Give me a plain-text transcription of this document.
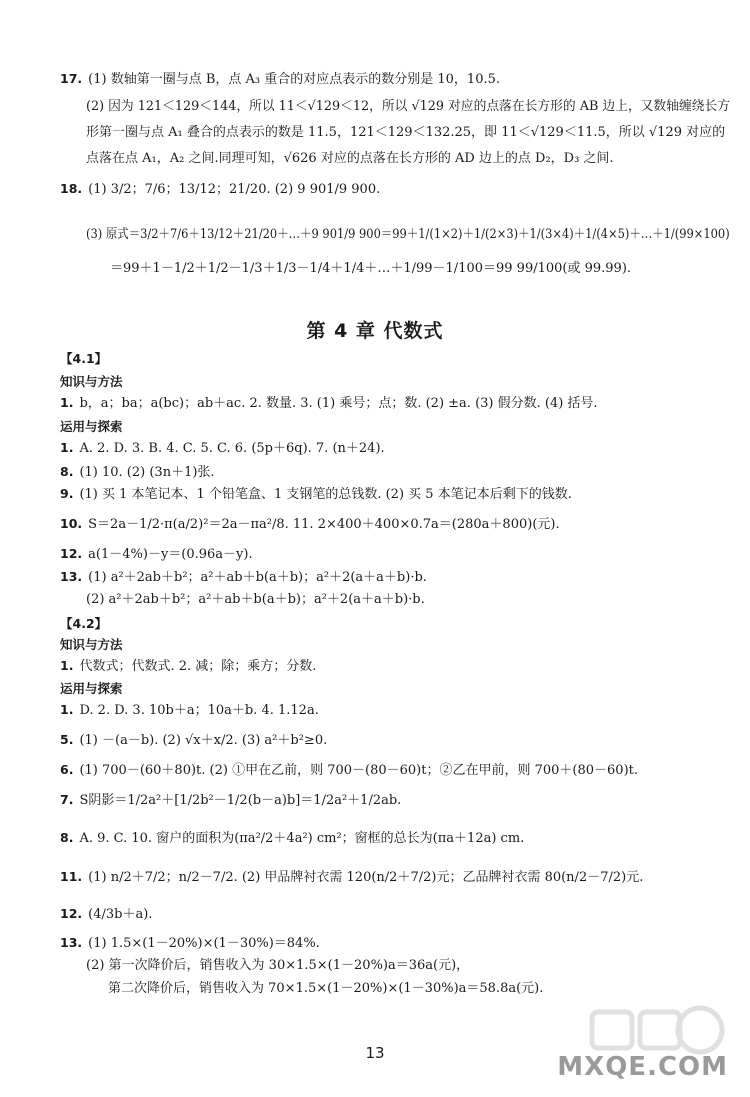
17. (1) 数轴第一圈与点 B，点 A₃ 重合的对应点表示的数分别是 10，10.5.
(2) 因为 121＜129＜144，所以 11＜√129＜12，所以 √129 对应的点落在长方形的 AB 边上，又数轴缠绕长方
形第一圈与点 A₁ 叠合的点表示的数是 11.5，121＜129＜132.25，即 11＜√129＜11.5，所以 √129 对应的
点落在点 A₁，A₂ 之间.同理可知，√626 对应的点落在长方形的 AD 边上的点 D₂，D₃ 之间.
18. (1) 3/2；7/6；13/12；21/20. (2) 9 901/9 900.
(3) 原式＝3/2＋7/6＋13/12＋21/20＋…＋9 901/9 900＝99＋1/(1×2)＋1/(2×3)＋1/(3×4)＋1/(4×5)＋…＋1/(99×100)
＝99＋1－1/2＋1/2－1/3＋1/3－1/4＋1/4＋…＋1/99－1/100＝99 99/100(或 99.99).
【4.1】
知识与方法
1. b，a；ba；a(bc)；ab＋ac. 2. 数量. 3. (1) 乘号；点；数. (2) ±a. (3) 假分数. (4) 括号.
运用与探索
1. A. 2. D. 3. B. 4. C. 5. C. 6. (5p＋6q). 7. (n＋24).
8. (1) 10. (2) (3n＋1)张.
9. (1) 买 1 本笔记本、1 个铅笔盒、1 支钢笔的总钱数. (2) 买 5 本笔记本后剩下的钱数.
10. S＝2a－1/2·π(a/2)²＝2a－πa²/8. 11. 2×400＋400×0.7a＝(280a＋800)(元).
12. a(1－4%)－y＝(0.96a－y).
13. (1) a²＋2ab＋b²；a²＋ab＋b(a＋b)；a²＋2(a＋a＋b)·b.
(2) a²＋2ab＋b²；a²＋ab＋b(a＋b)；a²＋2(a＋a＋b)·b.
【4.2】
知识与方法
1. 代数式；代数式. 2. 减；除；乘方；分数.
运用与探索
1. D. 2. D. 3. 10b＋a；10a＋b. 4. 1.12a.
5. (1) －(a－b). (2) √x＋x/2. (3) a²＋b²≥0.
6. (1) 700－(60＋80)t. (2) ①甲在乙前，则 700－(80－60)t；②乙在甲前，则 700＋(80－60)t.
7. S阴影＝1/2a²＋[1/2b²－1/2(b－a)b]＝1/2a²＋1/2ab.
8. A. 9. C. 10. 窗户的面积为(πa²/2＋4a²) cm²；窗框的总长为(πa＋12a) cm.
11. (1) n/2＋7/2；n/2－7/2. (2) 甲品牌衬衣需 120(n/2＋7/2)元；乙品牌衬衣需 80(n/2－7/2)元.
12. (4/3b＋a).
13. (1) 1.5×(1－20%)×(1－30%)＝84%.
(2) 第一次降价后，销售收入为 30×1.5×(1－20%)a＝36a(元)，
第二次降价后，销售收入为 70×1.5×(1－20%)×(1－30%)a＝58.8a(元).
第 4 章 代数式
13	MXQE.COM
